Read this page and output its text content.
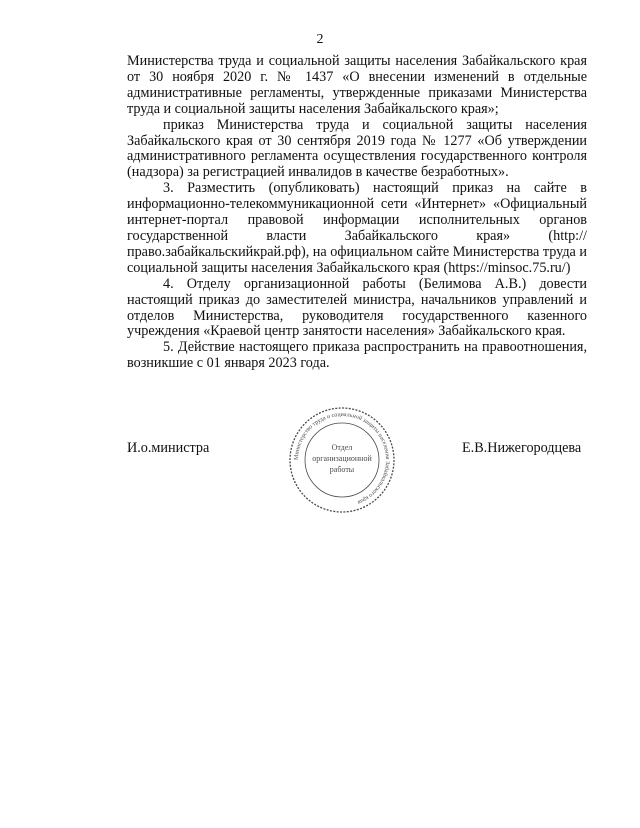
2

Министерства труда и социальной защиты населения Забайкальского края от 30 ноября 2020 г. № 1437 «О внесении изменений в отдельные административные регламенты, утвержденные приказами Министерства труда и социальной защиты населения Забайкальского края»;

приказ Министерства труда и социальной защиты населения Забайкальского края от 30 сентября 2019 года № 1277 «Об утверждении административного регламента осуществления государственного контроля (надзора) за регистрацией инвалидов в качестве безработных».

3. Разместить (опубликовать) настоящий приказ на сайте в информационно-телекоммуникационной сети «Интернет» «Официальный интернет-портал правовой информации исполнительных органов государственной власти Забайкальского края» (http://право.забайкальскийкрай.рф), на официальном сайте Министерства труда и социальной защиты населения Забайкальского края (https://minsoc.75.ru/)

4. Отделу организационной работы (Белимова А.В.) довести настоящий приказ до заместителей министра, начальников управлений и отделов Министерства, руководителя государственного казенного учреждения «Краевой центр занятости населения» Забайкальского края.

5. Действие настоящего приказа распространить на правоотношения, возникшие с 01 января 2023 года.

И.о.министра	Е.В.Нижегородцева
Министерство труда и социальной защиты населения Забайкальского края
Отдел
организационной
работы
